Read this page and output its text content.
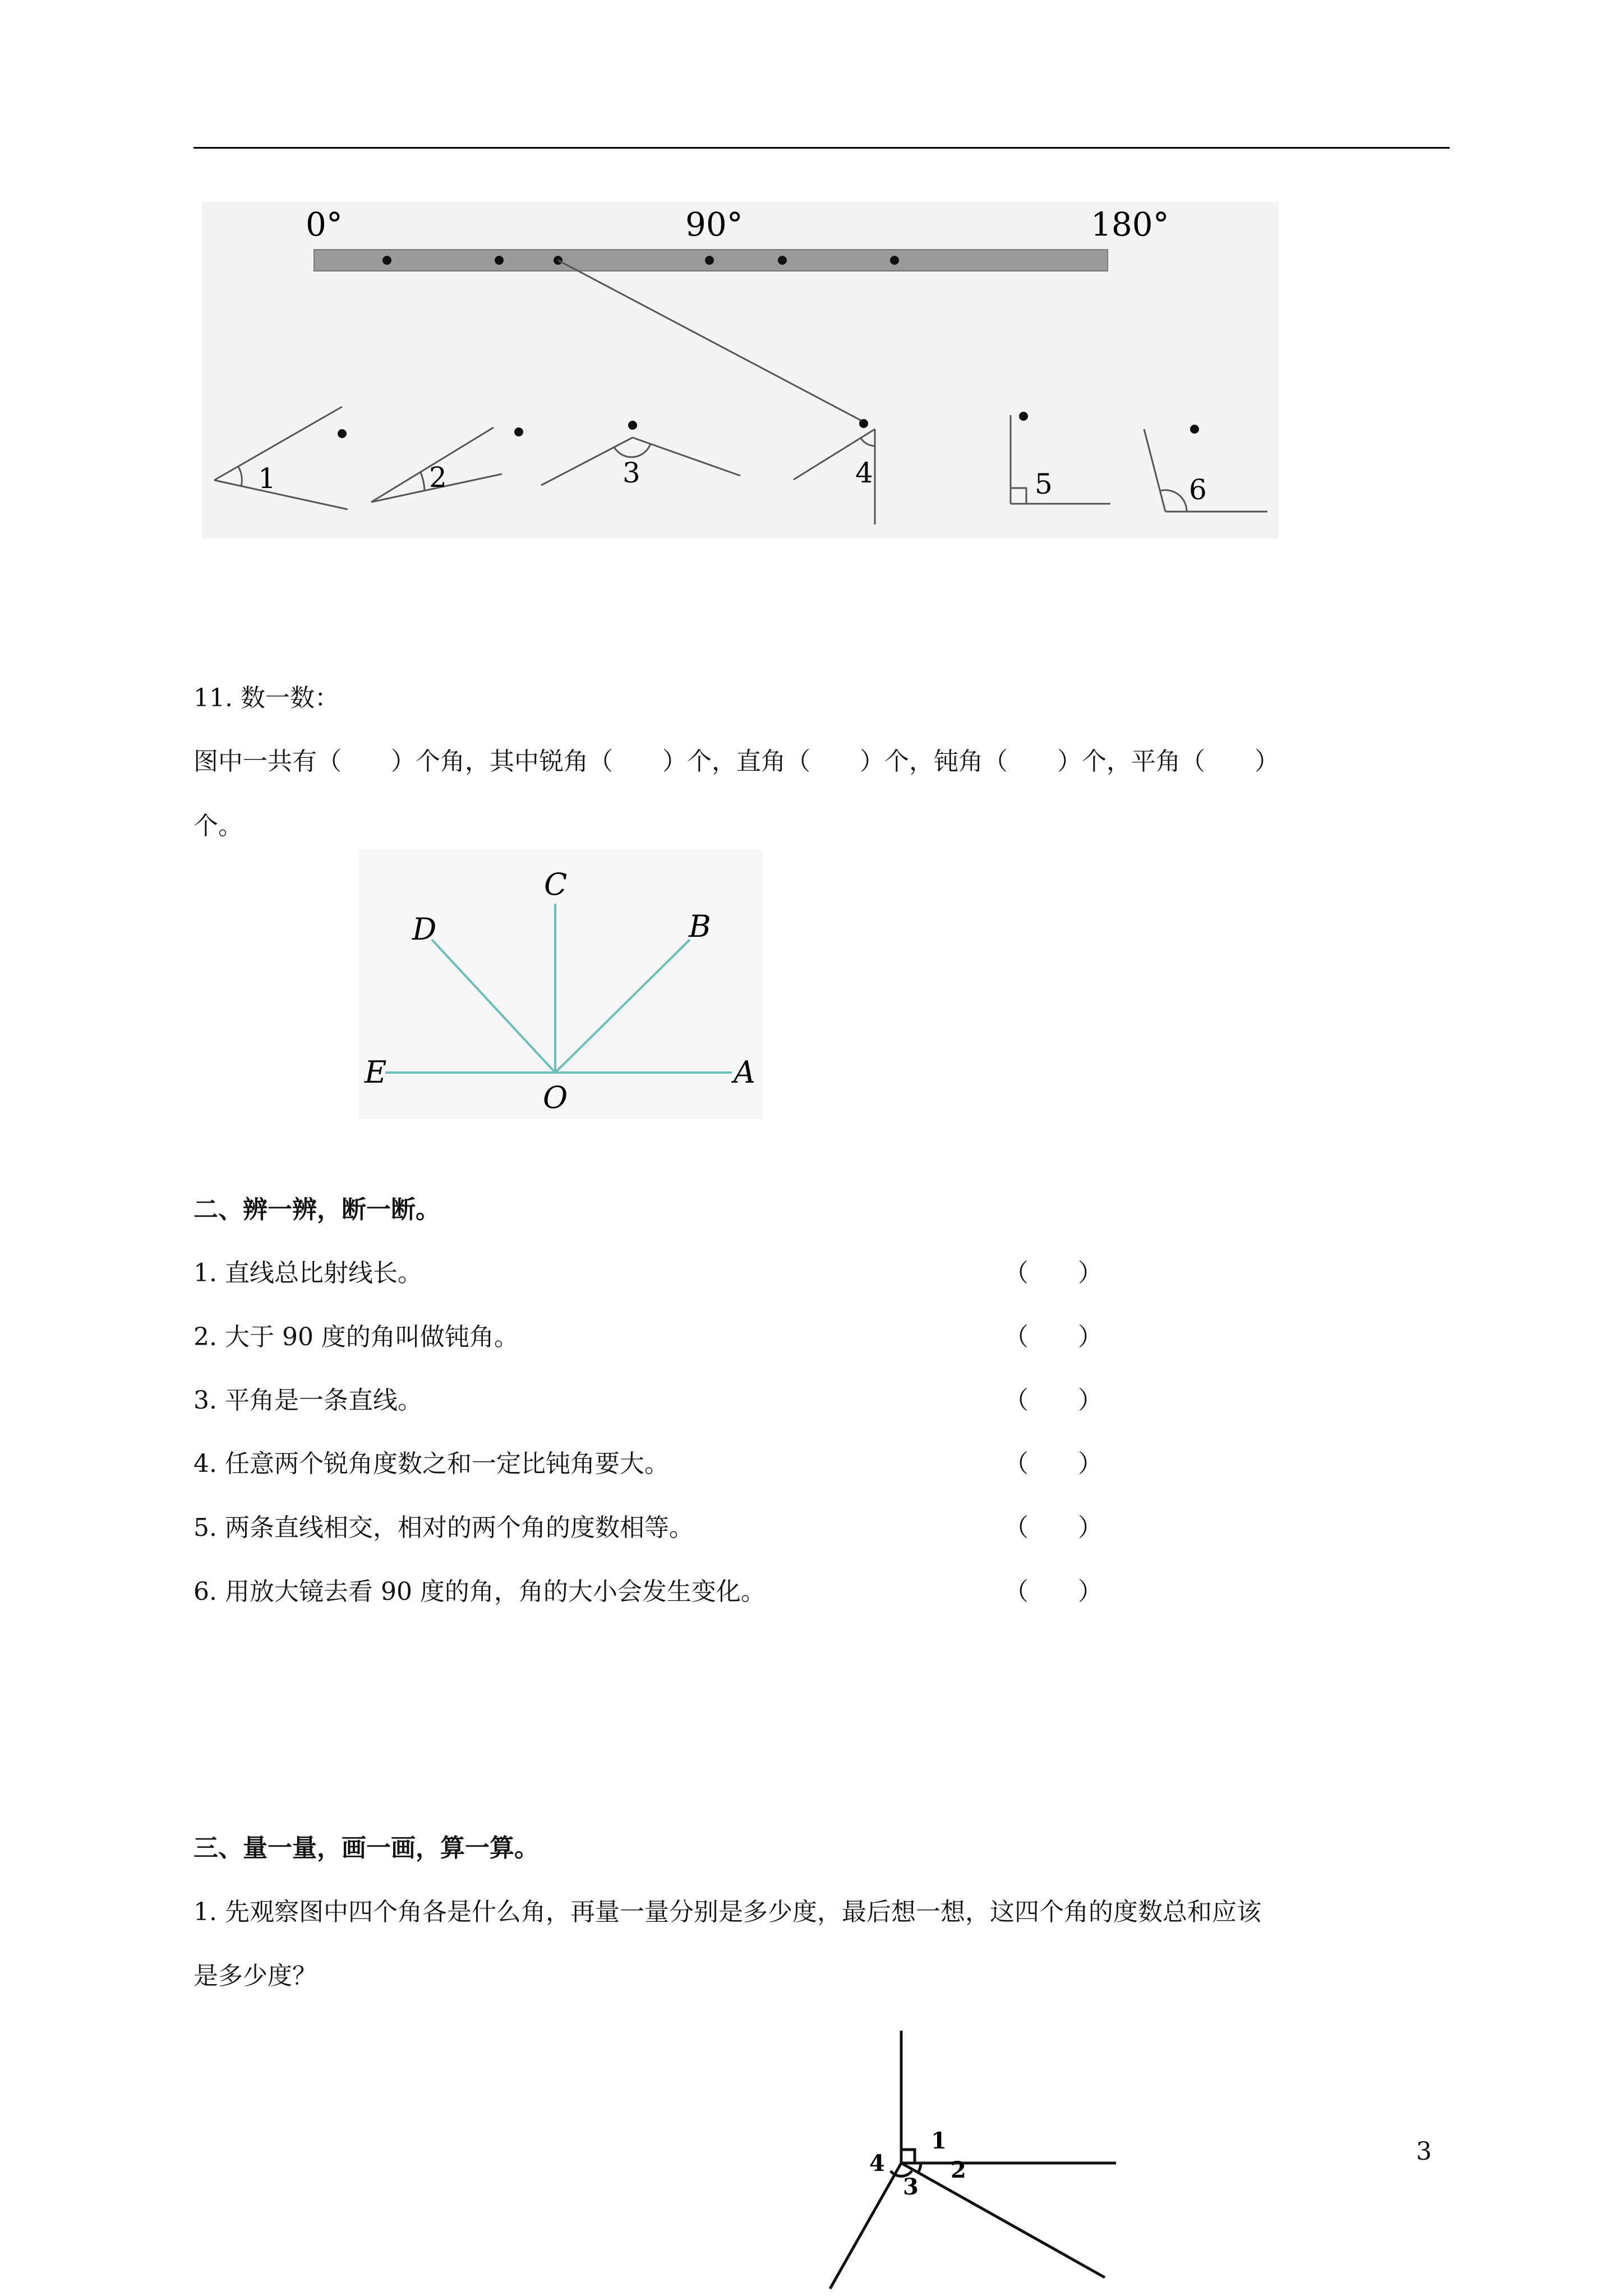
0°	90°	180°
1	2	3	4	5	6
11. 数一数：
图中一共有（　　）个角，其中锐角（　　）个，直角（　　）个，钝角（　　）个，平角（　　）
个。
C
D	B
E
O
A
二、辨一辨，断一断。
1. 直线总比射线长。	（　　）
2. 大于 90 度的角叫做钝角。	（　　）
3. 平角是一条直线。	（　　）
4. 任意两个锐角度数之和一定比钝角要大。	（　　）
5. 两条直线相交，相对的两个角的度数相等。	（　　）
6. 用放大镜去看 90 度的角，角的大小会发生变化。	（　　）
三、量一量，画一画，算一算。
1. 先观察图中四个角各是什么角，再量一量分别是多少度，最后想一想，这四个角的度数总和应该
是多少度？
1
2
3
4	3
